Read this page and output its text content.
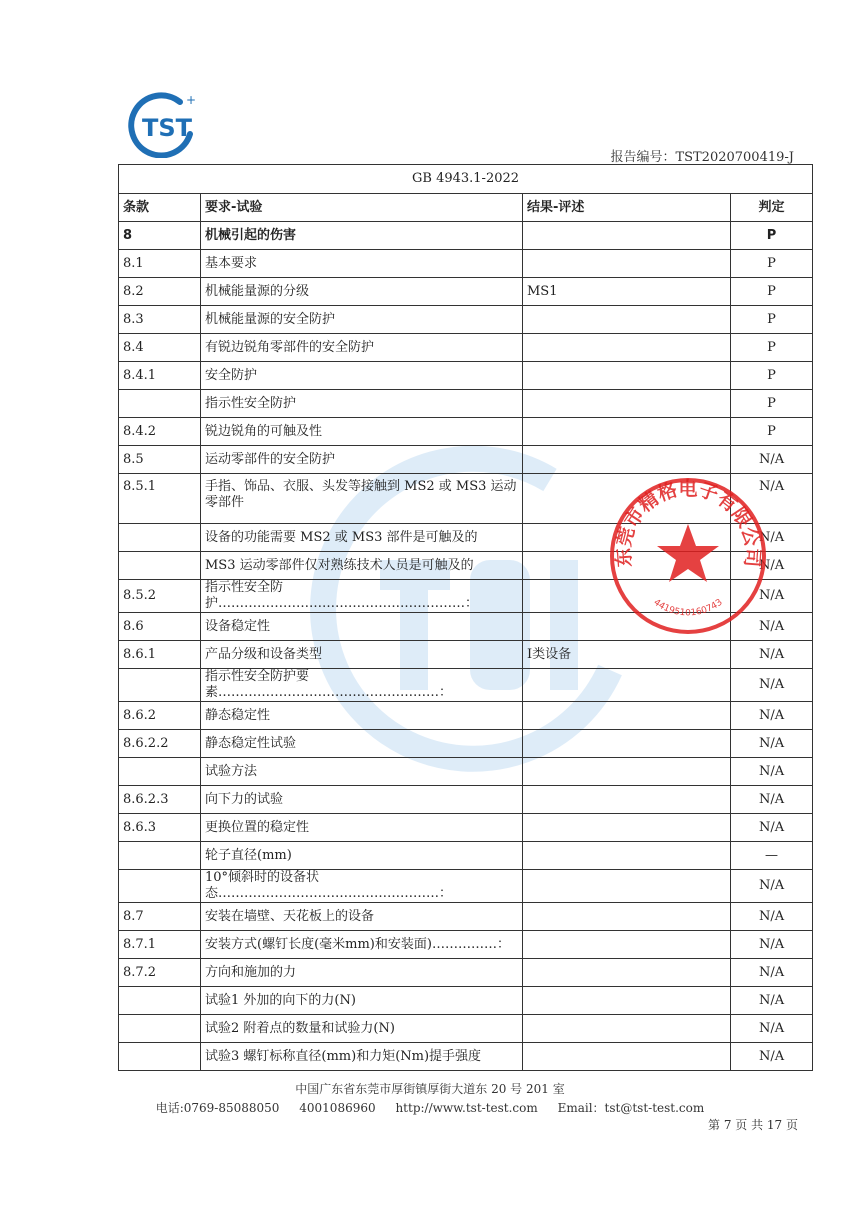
TST
+
报告编号：TST2020700419-J
GB 4943.1-2022			
条款	要求-试验	结果-评述	判定
8	机械引起的伤害		P
8.1	基本要求		P
8.2	机械能量源的分级	MS1	P
8.3	机械能量源的安全防护		P
8.4	有锐边锐角零部件的安全防护		P
8.4.1	安全防护		P
	指示性安全防护		P
8.4.2	锐边锐角的可触及性		P
8.5	运动零部件的安全防护		N/A
8.5.1	手指、饰品、衣服、头发等接触到 MS2 或 MS3 运动零部件		N/A
	设备的功能需要 MS2 或 MS3 部件是可触及的		N/A
	MS3 运动零部件仅对熟练技术人员是可触及的		N/A
8.5.2	指示性安全防护…………………………………………………：		N/A
8.6	设备稳定性		N/A
8.6.1	产品分级和设备类型	I类设备	N/A
	指示性安全防护要素……………………………………………：		N/A
8.6.2	静态稳定性		N/A
8.6.2.2	静态稳定性试验		N/A
	试验方法		N/A
8.6.2.3	向下力的试验		N/A
8.6.3	更换位置的稳定性		N/A
	轮子直径(mm)		—
	10°倾斜时的设备状态……………………………………………：		N/A
8.7	安装在墙壁、天花板上的设备		N/A
8.7.1	安装方式(螺钉长度(毫米mm)和安装面)……………：		N/A
8.7.2	方向和施加的力		N/A
	试验1 外加的向下的力(N)		N/A
	试验2 附着点的数量和试验力(N)		N/A
	试验3 螺钉标称直径(mm)和力矩(Nm)提手强度		N/A
东莞市精格电子有限公司
4419510160743
中国广东省东莞市厚街镇厚街大道东 20 号 201 室
电话:0769-85088050 4001086960 http://www.tst-test.com Email：tst@tst-test.com
第 7 页 共 17 页
